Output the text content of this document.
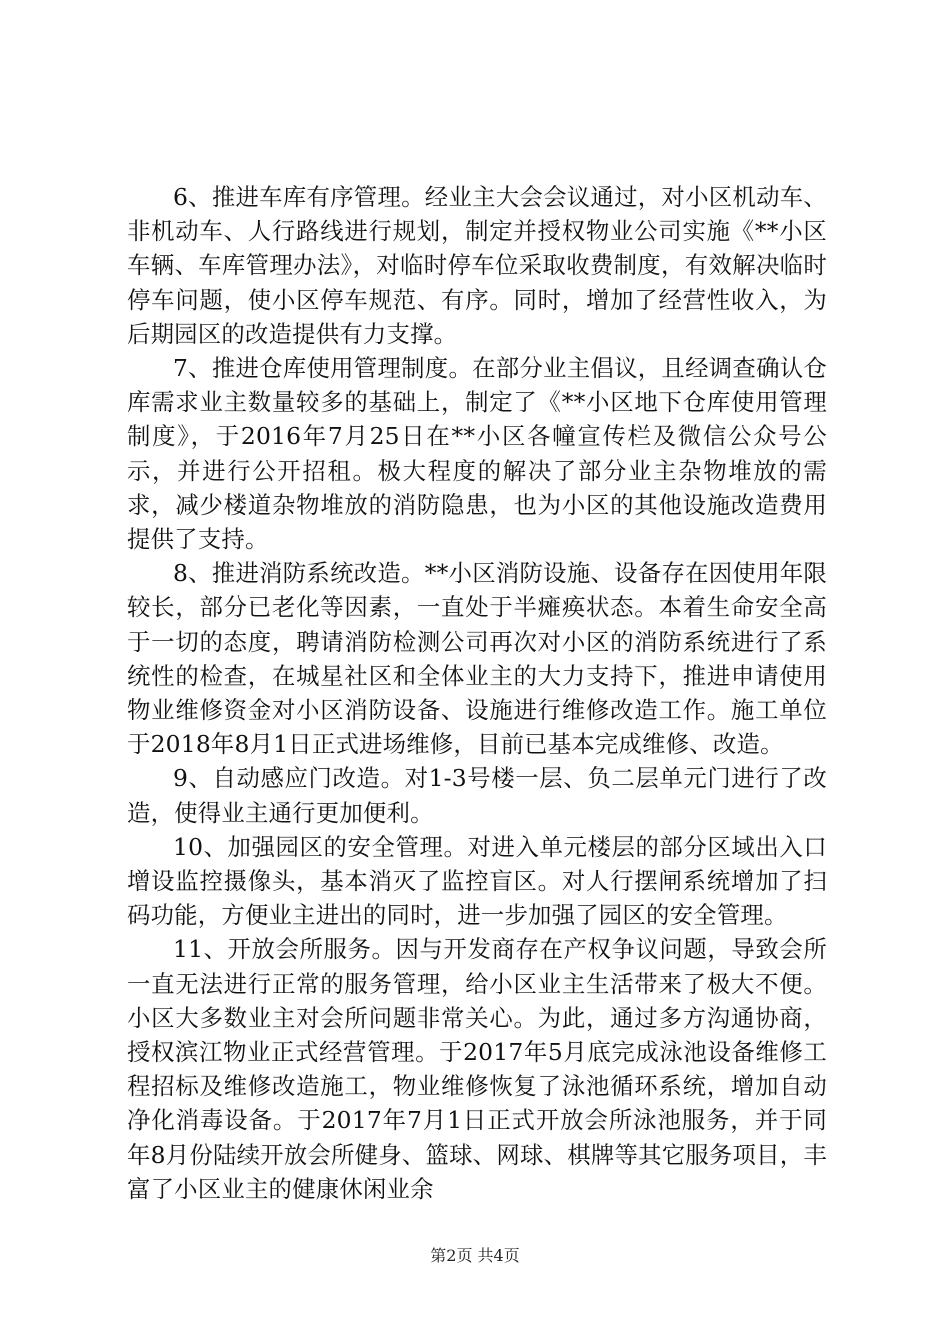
6、推进车库有序管理。经业主大会会议通过，对小区机动车、非机动车、人行路线进行规划，制定并授权物业公司实施《**小区车辆、车库管理办法》，对临时停车位采取收费制度，有效解决临时停车问题，使小区停车规范、有序。同时，增加了经营性收入，为后期园区的改造提供有力支撑。

7、推进仓库使用管理制度。在部分业主倡议，且经调查确认仓库需求业主数量较多的基础上，制定了《**小区地下仓库使用管理制度》，于2016年7月25日在**小区各幢宣传栏及微信公众号公示，并进行公开招租。极大程度的解决了部分业主杂物堆放的需求，减少楼道杂物堆放的消防隐患，也为小区的其他设施改造费用提供了支持。

8、推进消防系统改造。**小区消防设施、设备存在因使用年限较长，部分已老化等因素，一直处于半瘫痪状态。本着生命安全高于一切的态度，聘请消防检测公司再次对小区的消防系统进行了系统性的检查，在城星社区和全体业主的大力支持下，推进申请使用物业维修资金对小区消防设备、设施进行维修改造工作。施工单位于2018年8月1日正式进场维修，目前已基本完成维修、改造。

9、自动感应门改造。对1-3号楼一层、负二层单元门进行了改造，使得业主通行更加便利。

10、加强园区的安全管理。对进入单元楼层的部分区域出入口增设监控摄像头，基本消灭了监控盲区。对人行摆闸系统增加了扫码功能，方便业主进出的同时，进一步加强了园区的安全管理。

11、开放会所服务。因与开发商存在产权争议问题，导致会所一直无法进行正常的服务管理，给小区业主生活带来了极大不便。小区大多数业主对会所问题非常关心。为此，通过多方沟通协商，授权滨江物业正式经营管理。于2017年5月底完成泳池设备维修工程招标及维修改造施工，物业维修恢复了泳池循环系统，增加自动净化消毒设备。于2017年7月1日正式开放会所泳池服务，并于同年8月份陆续开放会所健身、篮球、网球、棋牌等其它服务项目，丰富了小区业主的健康休闲业余

第2页 共4页
